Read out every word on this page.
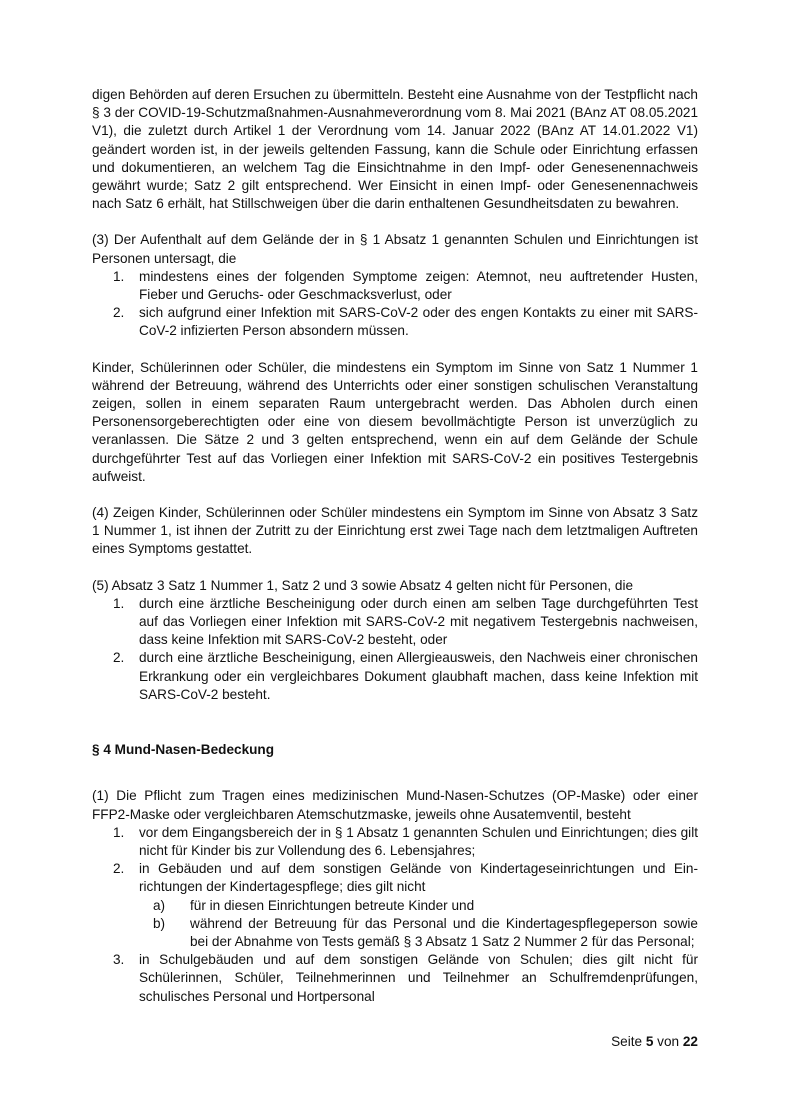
digen Behörden auf deren Ersuchen zu übermitteln. Besteht eine Ausnahme von der Testpflicht nach § 3 der COVID-19-Schutzmaßnahmen-Ausnahmeverordnung vom 8. Mai 2021 (BAnz AT 08.05.2021 V1), die zuletzt durch Artikel 1 der Verordnung vom 14. Januar 2022 (BAnz AT 14.01.2022 V1) geändert worden ist, in der jeweils geltenden Fassung, kann die Schule oder Einrichtung erfassen und dokumentieren, an welchem Tag die Einsichtnahme in den Impf- oder Genesenennachweis gewährt wurde; Satz 2 gilt entsprechend. Wer Einsicht in einen Impf- oder Genesenennachweis nach Satz 6 erhält, hat Stillschweigen über die darin enthaltenen Gesundheitsdaten zu bewahren.

(3) Der Aufenthalt auf dem Gelände der in § 1 Absatz 1 genannten Schulen und Einrichtungen ist Personen untersagt, die

1. mindestens eines der folgenden Symptome zeigen: Atemnot, neu auftretender Husten, Fieber und Geruchs- oder Geschmacksverlust, oder
2. sich aufgrund einer Infektion mit SARS-CoV-2 oder des engen Kontakts zu einer mit SARS-CoV-2 infizierten Person absondern müssen.

Kinder, Schülerinnen oder Schüler, die mindestens ein Symptom im Sinne von Satz 1 Nummer 1 während der Betreuung, während des Unterrichts oder einer sonstigen schulischen Veranstaltung zeigen, sollen in einem separaten Raum untergebracht werden. Das Abholen durch einen Personensorgeberechtigten oder eine von diesem bevollmächtigte Person ist unverzüglich zu veranlassen. Die Sätze 2 und 3 gelten entsprechend, wenn ein auf dem Gelände der Schule durchgeführter Test auf das Vorliegen einer Infektion mit SARS-CoV-2 ein positives Testergebnis aufweist.

(4) Zeigen Kinder, Schülerinnen oder Schüler mindestens ein Symptom im Sinne von Absatz 3 Satz 1 Nummer 1, ist ihnen der Zutritt zu der Einrichtung erst zwei Tage nach dem letztmaligen Auftreten eines Symptoms gestattet.

(5) Absatz 3 Satz 1 Nummer 1, Satz 2 und 3 sowie Absatz 4 gelten nicht für Personen, die

1. durch eine ärztliche Bescheinigung oder durch einen am selben Tage durchgeführten Test auf das Vorliegen einer Infektion mit SARS-CoV-2 mit negativem Testergebnis nachweisen, dass keine Infektion mit SARS-CoV-2 besteht, oder
2. durch eine ärztliche Bescheinigung, einen Allergieausweis, den Nachweis einer chronischen Erkrankung oder ein vergleichbares Dokument glaubhaft machen, dass keine Infektion mit SARS-CoV-2 besteht.

§ 4 Mund-Nasen-Bedeckung

(1) Die Pflicht zum Tragen eines medizinischen Mund-Nasen-Schutzes (OP-Maske) oder einer FFP2-Maske oder vergleichbaren Atemschutzmaske, jeweils ohne Ausatemventil, besteht

1. vor dem Eingangsbereich der in § 1 Absatz 1 genannten Schulen und Einrichtungen; dies gilt nicht für Kinder bis zur Vollendung des 6. Lebensjahres;
2. in Gebäuden und auf dem sonstigen Gelände von Kindertageseinrichtungen und Einrichtungen der Kindertagespflege; dies gilt nicht
a) für in diesen Einrichtungen betreute Kinder und
b) während der Betreuung für das Personal und die Kindertagespflegeperson sowie bei der Abnahme von Tests gemäß § 3 Absatz 1 Satz 2 Nummer 2 für das Personal;
3. in Schulgebäuden und auf dem sonstigen Gelände von Schulen; dies gilt nicht für Schülerinnen, Schüler, Teilnehmerinnen und Teilnehmer an Schulfremdenprüfungen, schulisches Personal und Hortpersonal
Seite 5 von 22
